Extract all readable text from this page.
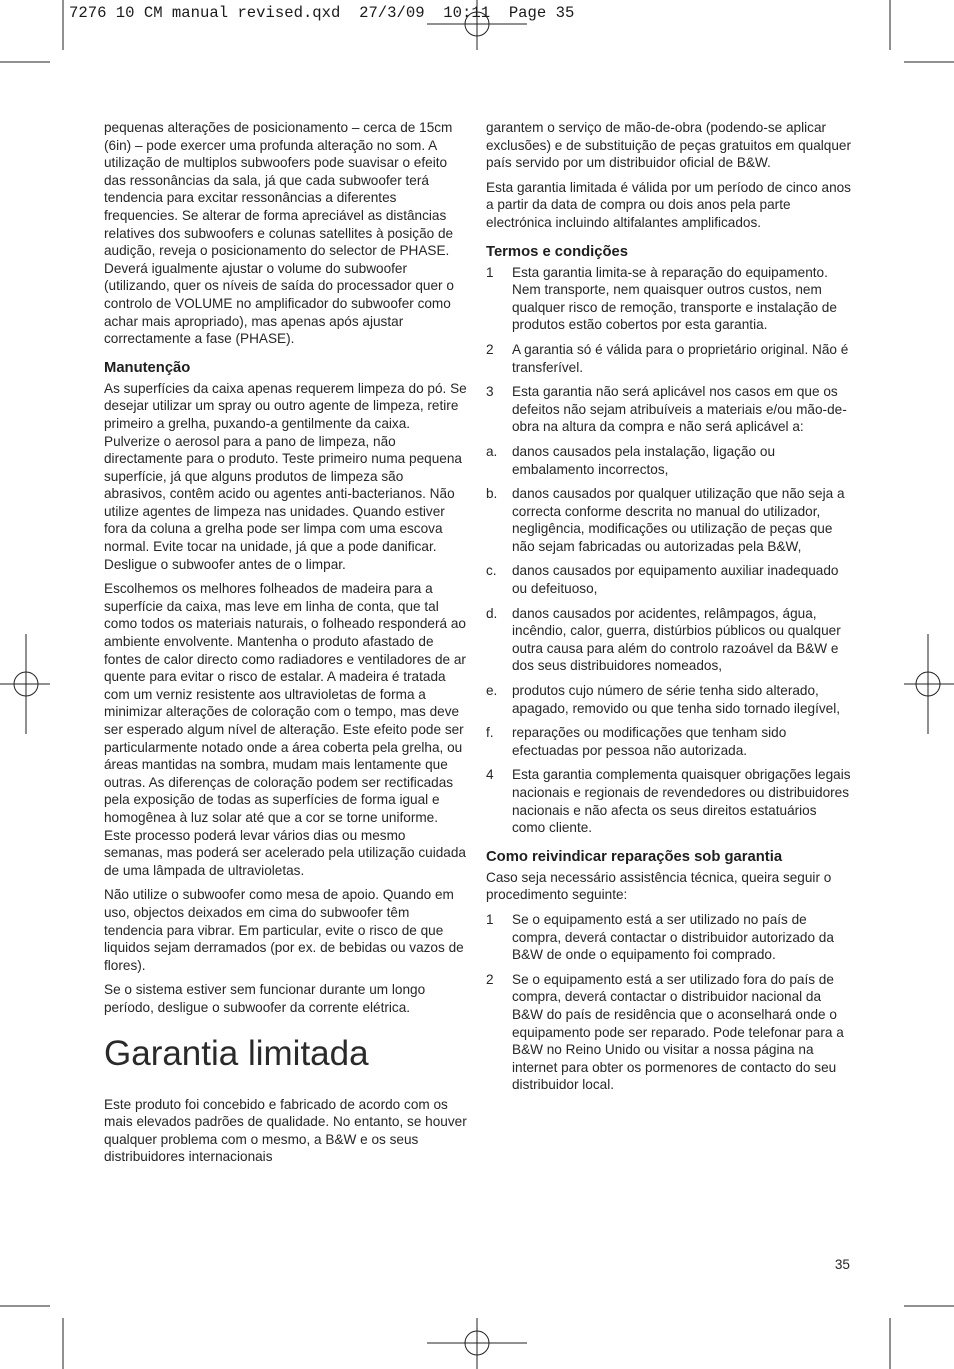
7276 10 CM manual revised.qxd  27/3/09  10:11  Page 35

pequenas alterações de posicionamento – cerca de 15cm (6in) – pode exercer uma profunda alteração no som. A utilização de multiplos subwoofers pode suavisar o efeito das ressonâncias da sala, já que cada subwoofer terá tendencia para excitar ressonâncias a diferentes frequencies. Se alterar de forma apreciável as distâncias relatives dos subwoofers e colunas satellites à posição de audição, reveja o posicionamento do selector de PHASE. Deverá igualmente ajustar o volume do subwoofer (utilizando, quer os níveis de saída do processador quer o controlo de VOLUME no amplificador do subwoofer como achar mais apropriado), mas apenas após ajustar correctamente a fase (PHASE).

Manutenção

As superfícies da caixa apenas requerem limpeza do pó. Se desejar utilizar um spray ou outro agente de limpeza, retire primeiro a grelha, puxando-a gentilmente da caixa. Pulverize o aerosol para a pano de limpeza, não directamente para o produto. Teste primeiro numa pequena superfície, já que alguns produtos de limpeza são abrasivos, contêm acido ou agentes anti-bacterianos. Não utilize agentes de limpeza nas unidades. Quando estiver fora da coluna a grelha pode ser limpa com uma escova normal. Evite tocar na unidade, já que a pode danificar. Desligue o subwoofer antes de o limpar.

Escolhemos os melhores folheados de madeira para a superfície da caixa, mas leve em linha de conta, que tal como todos os materiais naturais, o folheado responderá ao ambiente envolvente. Mantenha o produto afastado de fontes de calor directo como radiadores e ventiladores de ar quente para evitar o risco de estalar. A madeira é tratada com um verniz resistente aos ultravioletas de forma a minimizar alterações de coloração com o tempo, mas deve ser esperado algum nível de alteração. Este efeito pode ser particularmente notado onde a área coberta pela grelha, ou áreas mantidas na sombra, mudam mais lentamente que outras. As diferenças de coloração podem ser rectificadas pela exposição de todas as superfícies de forma igual e homogênea à luz solar até que a cor se torne uniforme. Este processo poderá levar vários dias ou mesmo semanas, mas poderá ser acelerado pela utilização cuidada de uma lâmpada de ultravioletas.

Não utilize o subwoofer como mesa de apoio. Quando em uso, objectos deixados em cima do subwoofer têm tendencia para vibrar. Em particular, evite o risco de que liquidos sejam derramados (por ex. de bebidas ou vazos de flores).

Se o sistema estiver sem funcionar durante um longo período, desligue o subwoofer da corrente elétrica.

Garantia limitada

Este produto foi concebido e fabricado de acordo com os mais elevados padrões de qualidade. No entanto, se houver qualquer problema com o mesmo, a B&W e os seus distribuidores internacionais

garantem o serviço de mão-de-obra (podendo-se aplicar exclusões) e de substituição de peças gratuitos em qualquer país servido por um distribuidor oficial de B&W.

Esta garantia limitada é válida por um período de cinco anos a partir da data de compra ou dois anos pela parte electrónica incluindo altifalantes amplificados.

Termos e condições
1	Esta garantia limita-se à reparação do equipamento. Nem transporte, nem quaisquer outros custos, nem qualquer risco de remoção, transporte e instalação de produtos estão cobertos por esta garantia.
2	A garantia só é válida para o proprietário original. Não é transferível.
3	Esta garantia não será aplicável nos casos em que os defeitos não sejam atribuíveis a materiais e/ou mão-de-obra na altura da compra e não será aplicável a:
a.	danos causados pela instalação, ligação ou embalamento incorrectos,
b.	danos causados por qualquer utilização que não seja a correcta conforme descrita no manual do utilizador, negligência, modificações ou utilização de peças que não sejam fabricadas ou autorizadas pela B&W,
c.	danos causados por equipamento auxiliar inadequado ou defeituoso,
d.	danos causados por acidentes, relâmpagos, água, incêndio, calor, guerra, distúrbios públicos ou qualquer outra causa para além do controlo razoável da B&W e dos seus distribuidores nomeados,
e.	produtos cujo número de série tenha sido alterado, apagado, removido ou que tenha sido tornado ilegível,
f.	reparações ou modificações que tenham sido efectuadas por pessoa não autorizada.
4	Esta garantia complementa quaisquer obrigações legais nacionais e regionais de revendedores ou distribuidores nacionais e não afecta os seus direitos estatuários como cliente.
Como reivindicar reparações sob garantia

Caso seja necessário assistência técnica, queira seguir o procedimento seguinte:

1	Se o equipamento está a ser utilizado no país de compra, deverá contactar o distribuidor autorizado da B&W de onde o equipamento foi comprado.
2	Se o equipamento está a ser utilizado fora do país de compra, deverá contactar o distribuidor nacional da B&W do país de residência que o aconselhará onde o equipamento pode ser reparado. Pode telefonar para a B&W no Reino Unido ou visitar a nossa página na internet para obter os pormenores de contacto do seu distribuidor local.
35
